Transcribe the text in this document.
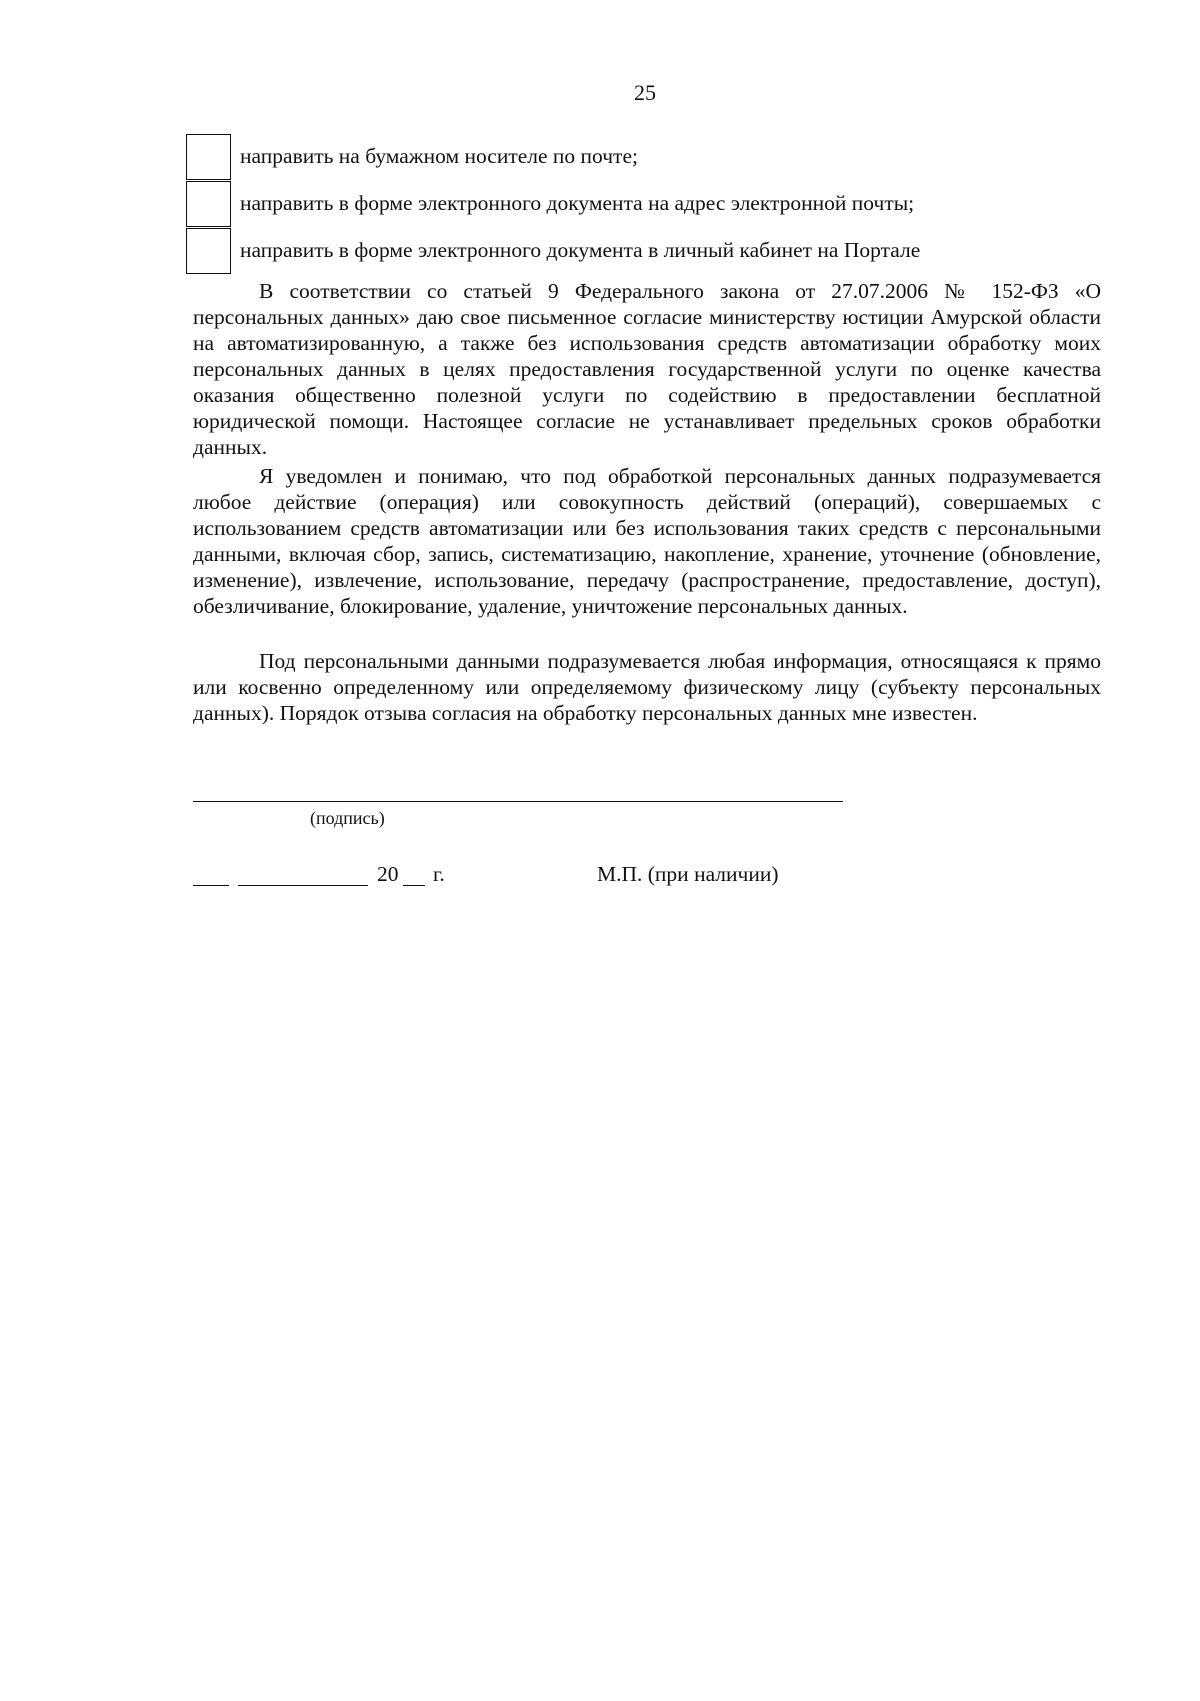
25
направить на бумажном носителе по почте;
направить в форме электронного документа на адрес электронной почты;
направить в форме электронного документа в личный кабинет на Портале

В соответствии со статьей 9 Федерального закона от 27.07.2006 № 152-ФЗ «О персональных данных» даю свое письменное согласие министерству юстиции Амурской области на автоматизированную, а также без использования средств автоматизации обработку моих персональных данных в целях предоставления государственной услуги по оценке качества оказания общественно полезной услуги по содействию в предоставлении бесплатной юридической помощи. Настоящее согласие не устанавливает предельных сроков обработки данных.

Я уведомлен и понимаю, что под обработкой персональных данных подразумевается любое действие (операция) или совокупность действий (операций), совершаемых с использованием средств автоматизации или без использования таких средств с персональными данными, включая сбор, запись, систематизацию, накопление, хранение, уточнение (обновление, изменение), извлечение, использование, передачу (распространение, предоставление, доступ), обезличивание, блокирование, удаление, уничтожение персональных данных.

Под персональными данными подразумевается любая информация, относящаяся к прямо или косвенно определенному или определяемому физическому лицу (субъекту персональных данных). Порядок отзыва согласия на обработку персональных данных мне известен.

(подпись)
20 г.	М.П. (при наличии)
